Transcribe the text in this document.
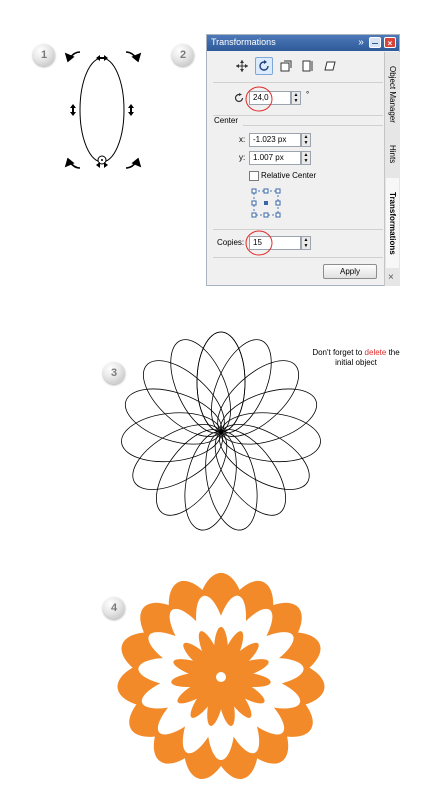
1	2
3
4
Transformations	»	×
24,0	▲
▼
°
Center
x: -1.023 px	▲
▼
y: 1.007 px	▲
▼
Relative Center
Copies:	15	▲
▼
Apply
Object Manager
Hints
Transformations
×
Don't forget to delete the
initial object
